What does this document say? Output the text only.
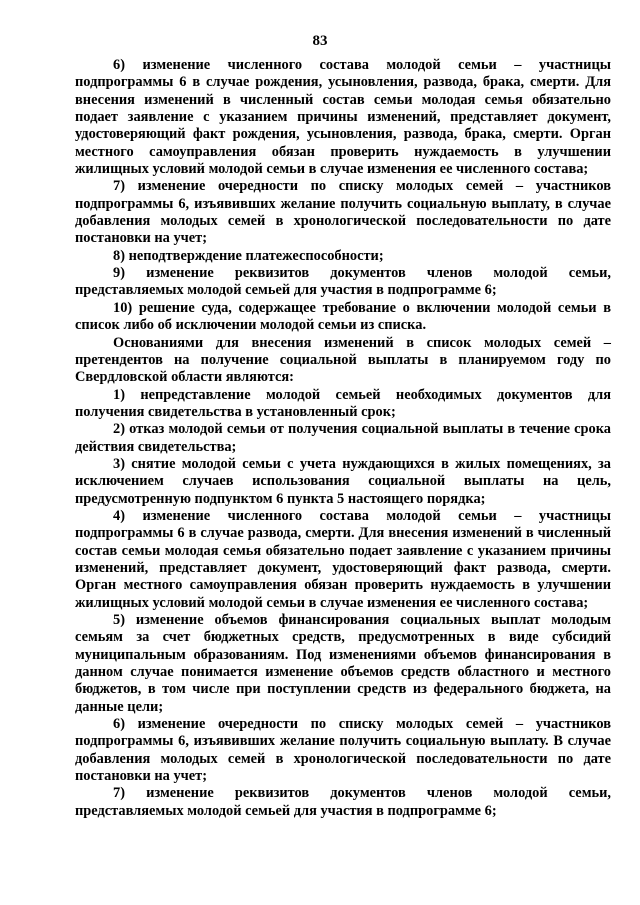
83

6) изменение численного состава молодой семьи – участницы подпрограммы 6 в случае рождения, усыновления, развода, брака, смерти. Для внесения изменений в численный состав семьи молодая семья обязательно подает заявление с указанием причины изменений, представляет документ, удостоверяющий факт рождения, усыновления, развода, брака, смерти. Орган местного самоуправления обязан проверить нуждаемость в улучшении жилищных условий молодой семьи в случае изменения ее численного состава;

7) изменение очередности по списку молодых семей – участников подпрограммы 6, изъявивших желание получить социальную выплату, в случае добавления молодых семей в хронологической последовательности по дате постановки на учет;

8) неподтверждение платежеспособности;

9) изменение реквизитов документов членов молодой семьи, представляемых молодой семьей для участия в подпрограмме 6;

10) решение суда, содержащее требование о включении молодой семьи в список либо об исключении молодой семьи из списка.

Основаниями для внесения изменений в список молодых семей – претендентов на получение социальной выплаты в планируемом году по Свердловской области являются:

1) непредставление молодой семьей необходимых документов для получения свидетельства в установленный срок;

2) отказ молодой семьи от получения социальной выплаты в течение срока действия свидетельства;

3) снятие молодой семьи с учета нуждающихся в жилых помещениях, за исключением случаев использования социальной выплаты на цель, предусмотренную подпунктом 6 пункта 5 настоящего порядка;

4) изменение численного состава молодой семьи – участницы подпрограммы 6 в случае развода, смерти. Для внесения изменений в численный состав семьи молодая семья обязательно подает заявление с указанием причины изменений, представляет документ, удостоверяющий факт развода, смерти. Орган местного самоуправления обязан проверить нуждаемость в улучшении жилищных условий молодой семьи в случае изменения ее численного состава;

5) изменение объемов финансирования социальных выплат молодым семьям за счет бюджетных средств, предусмотренных в виде субсидий муниципальным образованиям. Под изменениями объемов финансирования в данном случае понимается изменение объемов средств областного и местного бюджетов, в том числе при поступлении средств из федерального бюджета, на данные цели;

6) изменение очередности по списку молодых семей – участников подпрограммы 6, изъявивших желание получить социальную выплату. В случае добавления молодых семей в хронологической последовательности по дате постановки на учет;

7) изменение реквизитов документов членов молодой семьи, представляемых молодой семьей для участия в подпрограмме 6;
